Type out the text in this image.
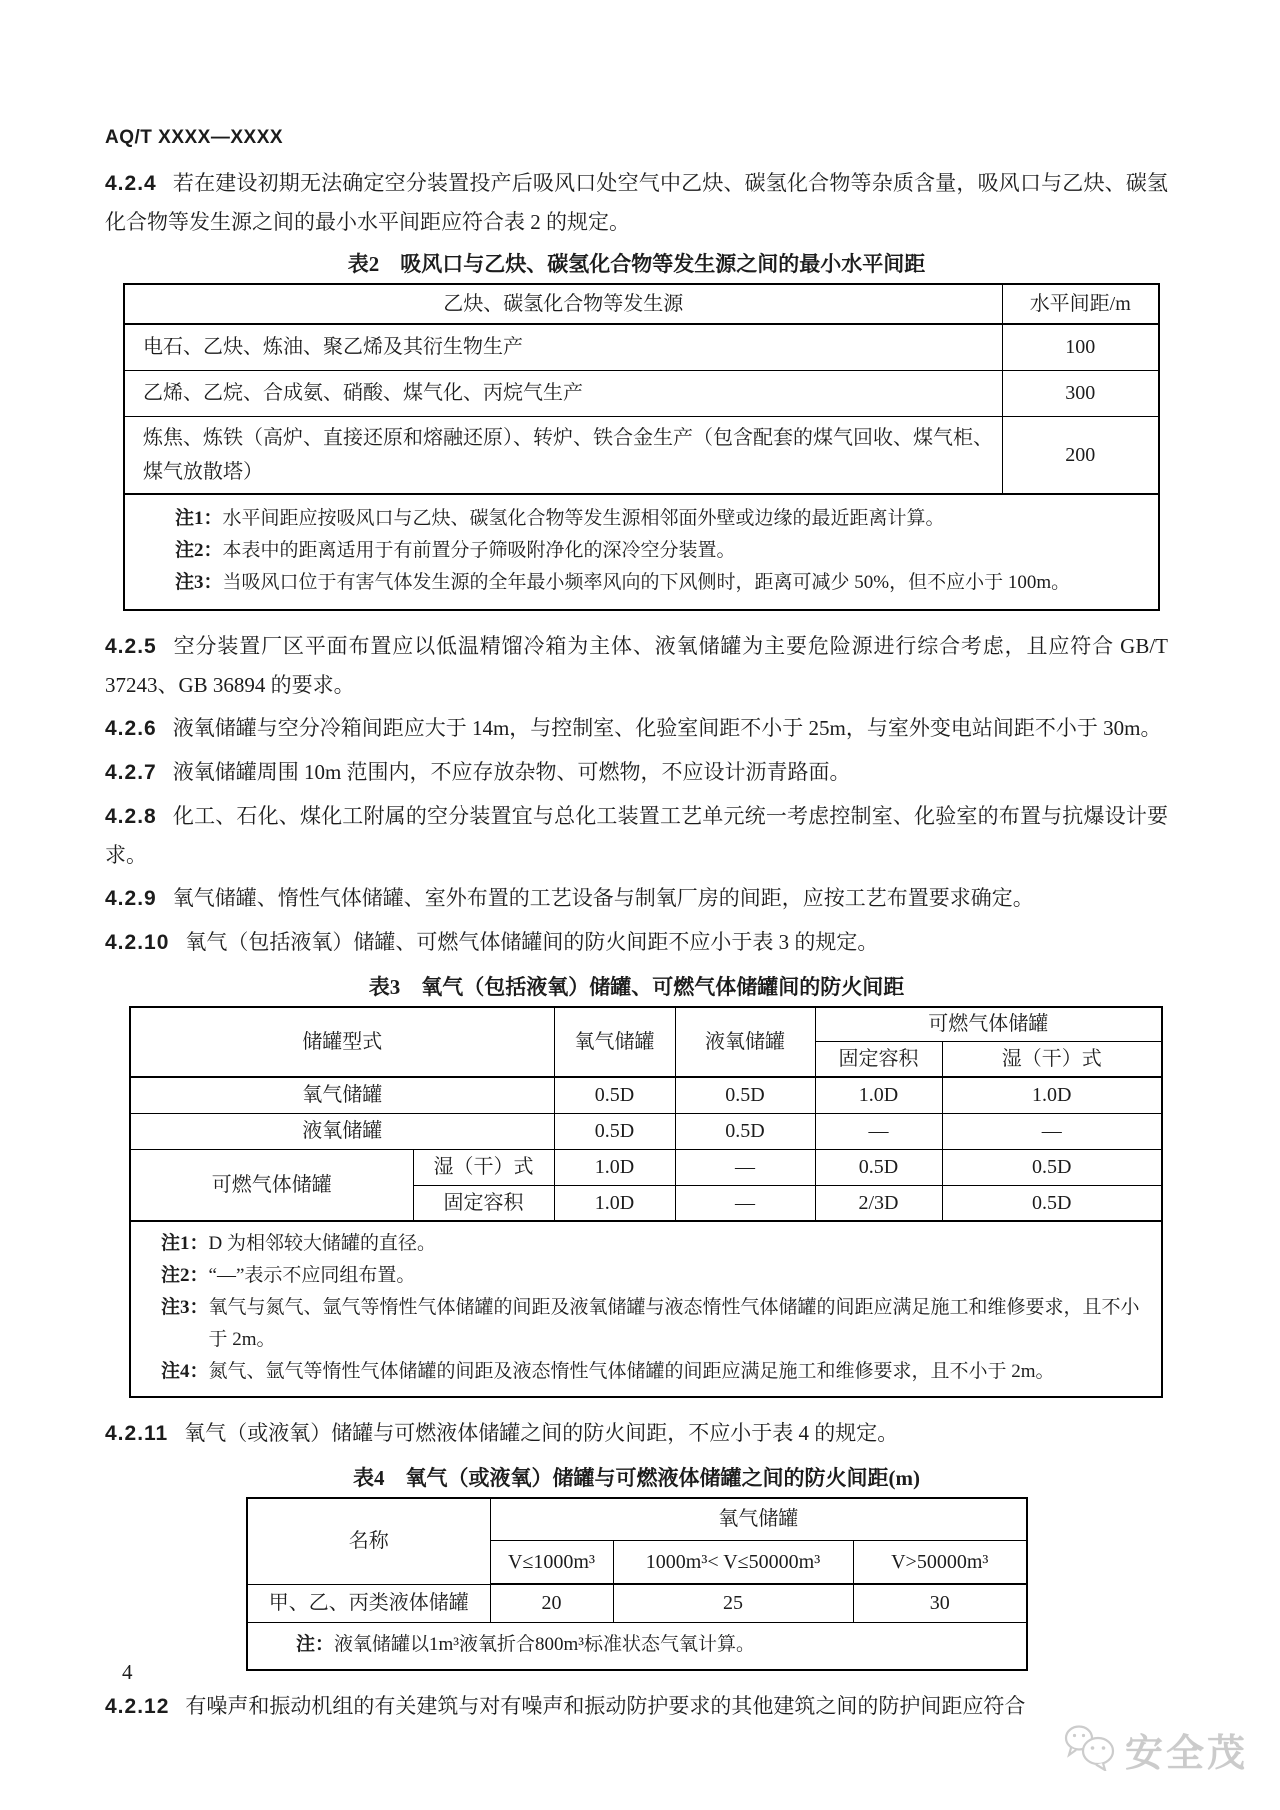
AQ/T XXXX—XXXX

4.2.4 若在建设初期无法确定空分装置投产后吸风口处空气中乙炔、碳氢化合物等杂质含量，吸风口与乙炔、碳氢化合物等发生源之间的最小水平间距应符合表 2 的规定。

表2　吸风口与乙炔、碳氢化合物等发生源之间的最小水平间距
乙炔、碳氢化合物等发生源	水平间距/m
电石、乙炔、炼油、聚乙烯及其衍生物生产	100
乙烯、乙烷、合成氨、硝酸、煤气化、丙烷气生产	300
炼焦、炼铁（高炉、直接还原和熔融还原）、转炉、铁合金生产（包含配套的煤气回收、煤气柜、煤气放散塔）	200

注1： 水平间距应按吸风口与乙炔、碳氢化合物等发生源相邻面外壁或边缘的最近距离计算。
注2： 本表中的距离适用于有前置分子筛吸附净化的深冷空分装置。
注3： 当吸风口位于有害气体发生源的全年最小频率风向的下风侧时，距离可减少 50%，但不应小于 100m。

4.2.5 空分装置厂区平面布置应以低温精馏冷箱为主体、液氧储罐为主要危险源进行综合考虑，且应符合 GB/T 37243、GB 36894 的要求。

4.2.6 液氧储罐与空分冷箱间距应大于 14m，与控制室、化验室间距不小于 25m，与室外变电站间距不小于 30m。

4.2.7 液氧储罐周围 10m 范围内，不应存放杂物、可燃物，不应设计沥青路面。

4.2.8 化工、石化、煤化工附属的空分装置宜与总化工装置工艺单元统一考虑控制室、化验室的布置与抗爆设计要求。

4.2.9 氧气储罐、惰性气体储罐、室外布置的工艺设备与制氧厂房的间距，应按工艺布置要求确定。

4.2.10 氧气（包括液氧）储罐、可燃气体储罐间的防火间距不应小于表 3 的规定。

表3　氧气（包括液氧）储罐、可燃气体储罐间的防火间距
储罐型式		氧气储罐	液氧储罐	可燃气体储罐	
				固定容积	湿（干）式
氧气储罐		0.5D	0.5D	1.0D	1.0D
液氧储罐		0.5D	0.5D	—	—
可燃气体储罐	湿（干）式	1.0D	—	0.5D	0.5D
	固定容积	1.0D	—	2/3D	0.5D

注1： D 为相邻较大储罐的直径。
注2： “—”表示不应同组布置。
注3： 氧气与氮气、氩气等惰性气体储罐的间距及液氧储罐与液态惰性气体储罐的间距应满足施工和维修要求，且不小于 2m。
注4： 氮气、氩气等惰性气体储罐的间距及液态惰性气体储罐的间距应满足施工和维修要求，且不小于 2m。

4.2.11 氧气（或液氧）储罐与可燃液体储罐之间的防火间距，不应小于表 4 的规定。

表4　氧气（或液氧）储罐与可燃液体储罐之间的防火间距(m)
名称	氧气储罐		
	V≤1000m³	1000m³< V≤50000m³	V>50000m³
甲、乙、丙类液体储罐	20	25	30

注： 液氧储罐以1m³液氧折合800m³标准状态气氧计算。			

4.2.12 有噪声和振动机组的有关建筑与对有噪声和振动防护要求的其他建筑之间的防护间距应符合

4
安全茂
